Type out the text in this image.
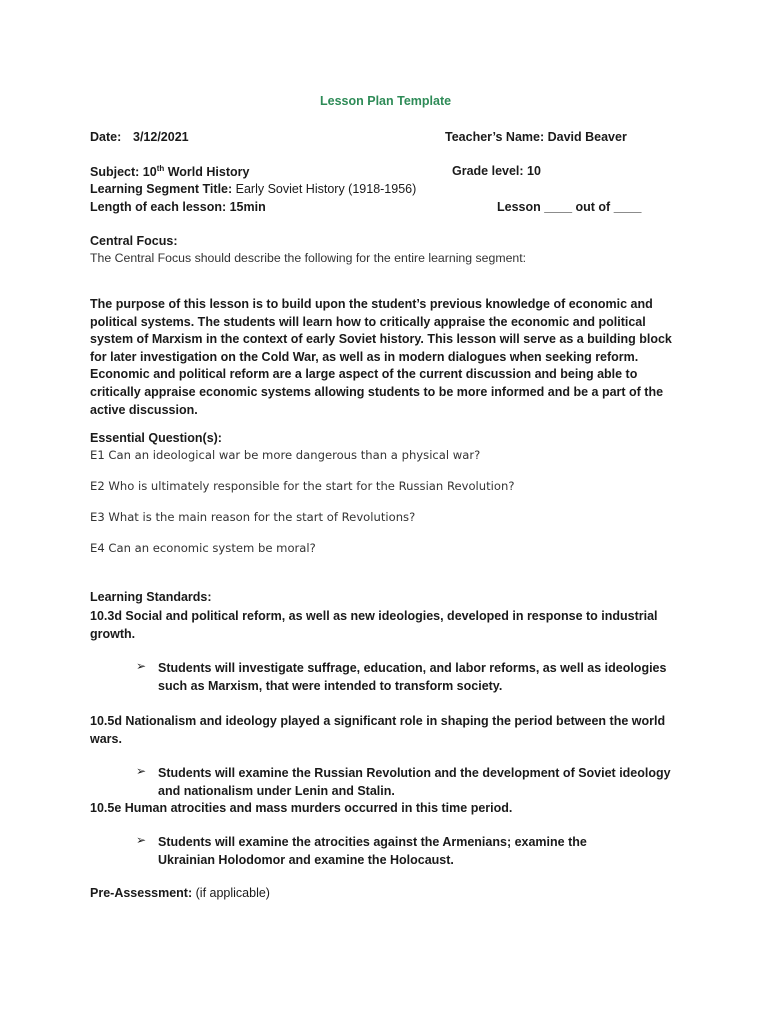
Lesson Plan Template
Date: 3/12/2021	Teacher’s Name: David Beaver
Subject: 10th World History	Grade level: 10
Learning Segment Title: Early Soviet History (1918-1956)
Length of each lesson: 15min	Lesson ____ out of ____
Central Focus:
The Central Focus should describe the following for the entire learning segment:
The purpose of this lesson is to build upon the student’s previous knowledge of economic and political systems. The students will learn how to critically appraise the economic and political system of Marxism in the context of early Soviet history. This lesson will serve as a building block for later investigation on the Cold War, as well as in modern dialogues when seeking reform. Economic and political reform are a large aspect of the current discussion and being able to critically appraise economic systems allowing students to be more informed and be a part of the active discussion.
Essential Question(s):
E1 Can an ideological war be more dangerous than a physical war?
E2 Who is ultimately responsible for the start for the Russian Revolution?
E3 What is the main reason for the start of Revolutions?
E4 Can an economic system be moral?
Learning Standards:
10.3d Social and political reform, as well as new ideologies, developed in response to industrial growth.
➢ Students will investigate suffrage, education, and labor reforms, as well as ideologies such as Marxism, that were intended to transform society.
10.5d Nationalism and ideology played a significant role in shaping the period between the world wars.
➢ Students will examine the Russian Revolution and the development of Soviet ideology and nationalism under Lenin and Stalin.
10.5e Human atrocities and mass murders occurred in this time period.
➢ Students will examine the atrocities against the Armenians; examine the Ukrainian Holodomor and examine the Holocaust.
Pre-Assessment: (if applicable)
